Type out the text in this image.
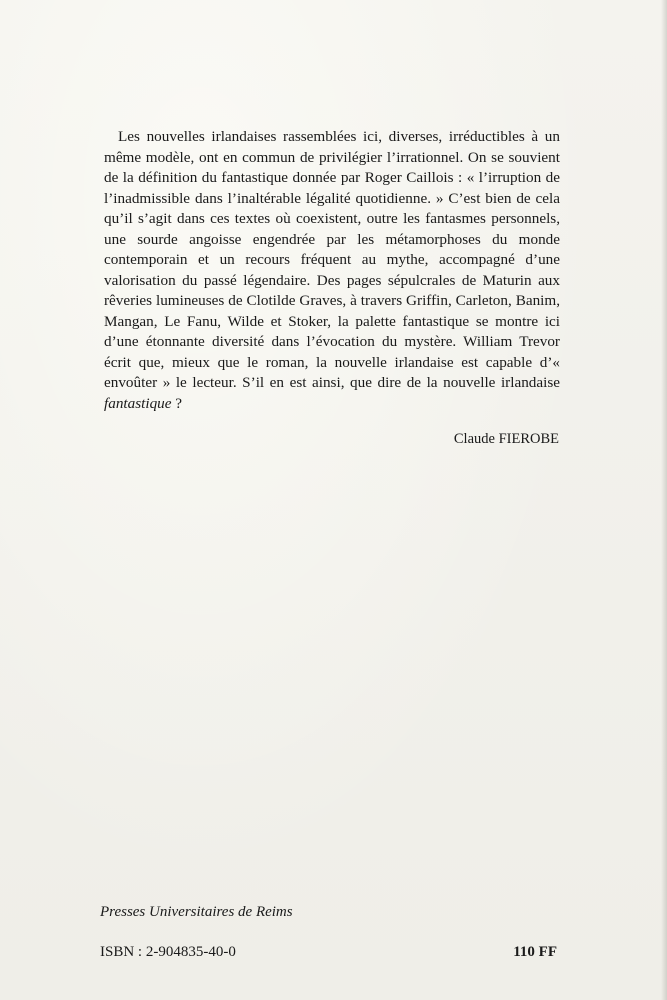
Les nouvelles irlandaises rassemblées ici, diverses, irréductibles à un même modèle, ont en commun de privilégier l’irrationnel. On se souvient de la définition du fantastique donnée par Roger Caillois : « l’irruption de l’inadmissible dans l’inaltérable légalité quotidienne. » C’est bien de cela qu’il s’agit dans ces textes où coexistent, outre les fantasmes personnels, une sourde angoisse engendrée par les métamorphoses du monde contemporain et un recours fréquent au mythe, accompagné d’une valorisation du passé légendaire. Des pages sépulcrales de Maturin aux rêveries lumineuses de Clotilde Graves, à travers Griffin, Carleton, Banim, Mangan, Le Fanu, Wilde et Stoker, la palette fantastique se montre ici d’une étonnante diversité dans l’évocation du mystère. William Trevor écrit que, mieux que le roman, la nouvelle irlandaise est capable d’« envoûter » le lecteur. S’il en est ainsi, que dire de la nouvelle irlandaise fantastique ?

Claude FIEROBE

Presses Universitaires de Reims

ISBN : 2-904835-40-0	110 FF
